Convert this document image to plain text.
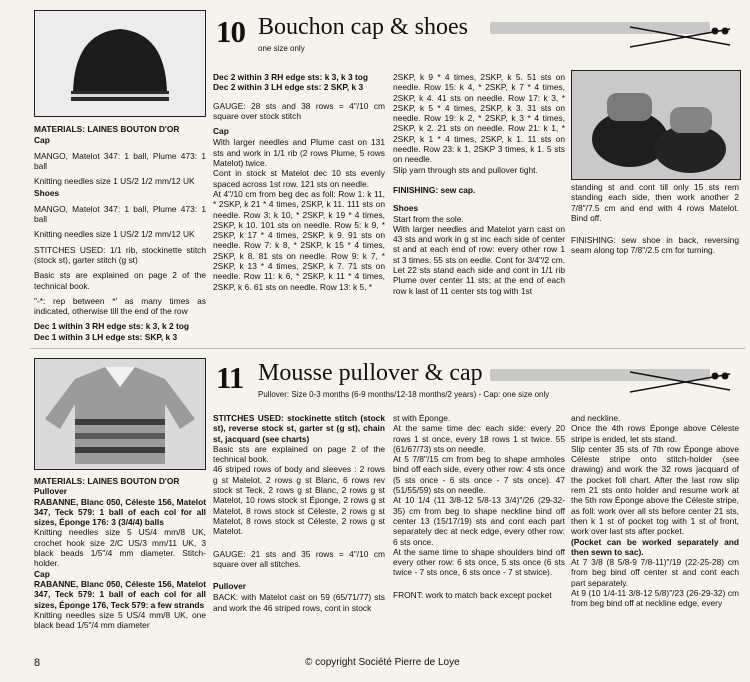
10 Bouchon cap & shoes
one size only

MATERIALS: LAINES BOUTON D'OR

Cap

MANGO, Matelot 347: 1 ball, Plume 473: 1 ball

Knitting needles size 1 US/2 1/2 mm/12 UK

Shoes

MANGO, Matelot 347: 1 ball, Plume 473: 1 ball

Knitting needles size 1 US/2 1/2 mm/12 UK

STITCHES USED: 1/1 rib, stockinette stitch (stock st), garter stitch (g st)

Basic sts are explained on page 2 of the technical book.

"-*: rep between *' as many times as indicated, otherwise till the end of the row

Dec 1 within 3 RH edge sts: k 3, k 2 tog

Dec 1 within 3 LH edge sts: SKP, k 3

Dec 2 within 3 RH edge sts: k 3, k 3 tog

Dec 2 within 3 LH edge sts: 2 SKP, k 3

GAUGE: 28 sts and 38 rows = 4"/10 cm square over stock stitch

Cap

With larger needles and Plume cast on 131 sts and work in 1/1 rib (2 rows Plume, 5 rows Matelot) twice.

Cont in stock st Matelot dec 10 sts evenly spaced across 1st row. 121 sts on needle.

At 4"/10 cm from beg dec as foll: Row 1: k 11, * 2SKP, k 21 * 4 times, 2SKP, k 11. 111 sts on needle. Row 3: k 10, * 2SKP, k 19 * 4 times, 2SKP, k 10. 101 sts on needle. Row 5: k 9, * 2SKP, k 17 * 4 times, 2SKP, k 9. 91 sts on needle. Row 7: k 8, * 2SKP, k 15 * 4 times, 2SKP, k 8. 81 sts on needle. Row 9: k 7, * 2SKP, k 13 * 4 times, 2SKP, k 7. 71 sts on needle. Row 11: k 6, * 2SKP, k 11 * 4 times, 2SKP, k 6. 61 sts on needle. Row 13: k 5, *

2SKP, k 9 * 4 times, 2SKP, k 5. 51 sts on needle. Row 15: k 4, * 2SKP, k 7 * 4 times, 2SKP, k 4. 41 sts on needle. Row 17: k 3, * 2SKP, k 5 * 4 times, 2SKP, k 3. 31 sts on needle. Row 19: k 2, * 2SKP, k 3 * 4 times, 2SKP, k 2. 21 sts on needle. Row 21: k 1, * 2SKP, k 1 * 4 times, 2SKP, k 1. 11 sts on needle. Row 23: k 1, 2SKP 3 times, k 1. 5 sts on needle.

Slip yarn through sts and pullover tight.

FINISHING: sew cap.

Shoes

Start from the sole.

With larger needles and Matelot yarn cast on 43 sts and work in g st inc each side of center st and at each end of row: every other row 1 st 3 times. 55 sts on eedle. Cont for 3/4"/2 cm. Let 22 sts stand each side and cont in 1/1 rib Plume over center 11 sts; at the end of each row k last of 11 center sts tog with 1st

standing st and cont till only 15 sts rem standing each side, then work another 2 7/8"/7.5 cm and end with 4 rows Matelot. Bind off.

FINISHING: sew shoe in back, reversing seam along top 7/8"/2.5 cm for turning.

11 Mousse pullover & cap
Pullover: Size 0-3 months (6-9 months/12-18 months/2 years) - Cap: one size only

MATERIALS: LAINES BOUTON D'OR

Pullover

RABANNE, Blanc 050, Céleste 156, Matelot 347, Teck 579: 1 ball of each col for all sizes, Éponge 176: 3 (3/4/4) balls

Knitting needles size 5 US/4 mm/8 UK, crochet hook size 2/C US/3 mm/11 UK, 3 black beads 1/5"/4 mm diameter. Stitch-holder.

Cap

RABANNE, Blanc 050, Céleste 156, Matelot 347, Teck 579: 1 ball of each col for all sizes, Éponge 176, Teck 579: a few strands

Knitting needles size 5 US/4 mm/8 UK, one black bead 1/5"/4 mm diameter

STITCHES USED: stockinette stitch (stock st), reverse stock st, garter st (g st), chain st, jacquard (see charts)

Basic sts are explained on page 2 of the technical book.

46 striped rows of body and sleeves : 2 rows g st Matelot, 2 rows g st Blanc, 6 rows rev stock st Teck, 2 rows g st Blanc, 2 rows g st Matelot, 10 rows stock st Éponge, 2 rows g st Matelot, 8 rows stock st Céleste, 2 rows g st Matelot, 8 rows stock st Céleste, 2 rows g st Matelot.

GAUGE: 21 sts and 35 rows = 4"/10 cm square over all stitches.

Pullover

BACK: with Matelot cast on 59 (65/71/77) sts and work the 46 striped rows, cont in stock

st with Éponge.

At the same time dec each side: every 20 rows 1 st once, every 18 rows 1 st twice. 55 (61/67/73) sts on needle.

At 5 7/8"/15 cm from beg to shape armholes bind off each side, every other row: 4 sts once (5 sts once - 6 sts once - 7 sts once). 47 (51/55/59) sts on needle.

At 10 1/4 (11 3/8-12 5/8-13 3/4)"/26 (29-32-35) cm from beg to shape neckline bind off center 13 (15/17/19) sts and cont each part separately dec at neck edge, every other row: 6 sts once.

At the same time to shape shoulders bind off every other row: 6 sts once, 5 sts once (6 sts twice - 7 sts once, 6 sts once - 7 st stwice).

FRONT: work to match back except pocket

and neckline.

Once the 4th rows Éponge above Céleste stripe is ended, let sts stand.

Slip center 35 sts of 7th row Éponge above Céleste stripe onto stitch-holder (see drawing) and work the 32 rows jacquard of the pocket foll chart. After the last row slip rem 21 sts onto holder and resume work at the 5th row Éponge above the Céleste stripe, as foll: work over all sts before center 21 sts, then k 1 st of pocket tog with 1 st of front, work over last sts after pocket.

(Pocket can be worked separately and then sewn to sac).

At 7 3/8 (8 5/8-9 7/8-11)"/19 (22-25-28) cm from beg bind off center st and cont each part separately.

At 9 (10 1/4-11 3/8-12 5/8)"/23 (26-29-32) cm from beg bind off at neckline edge, every

8	© copyright Société Pierre de Loye
